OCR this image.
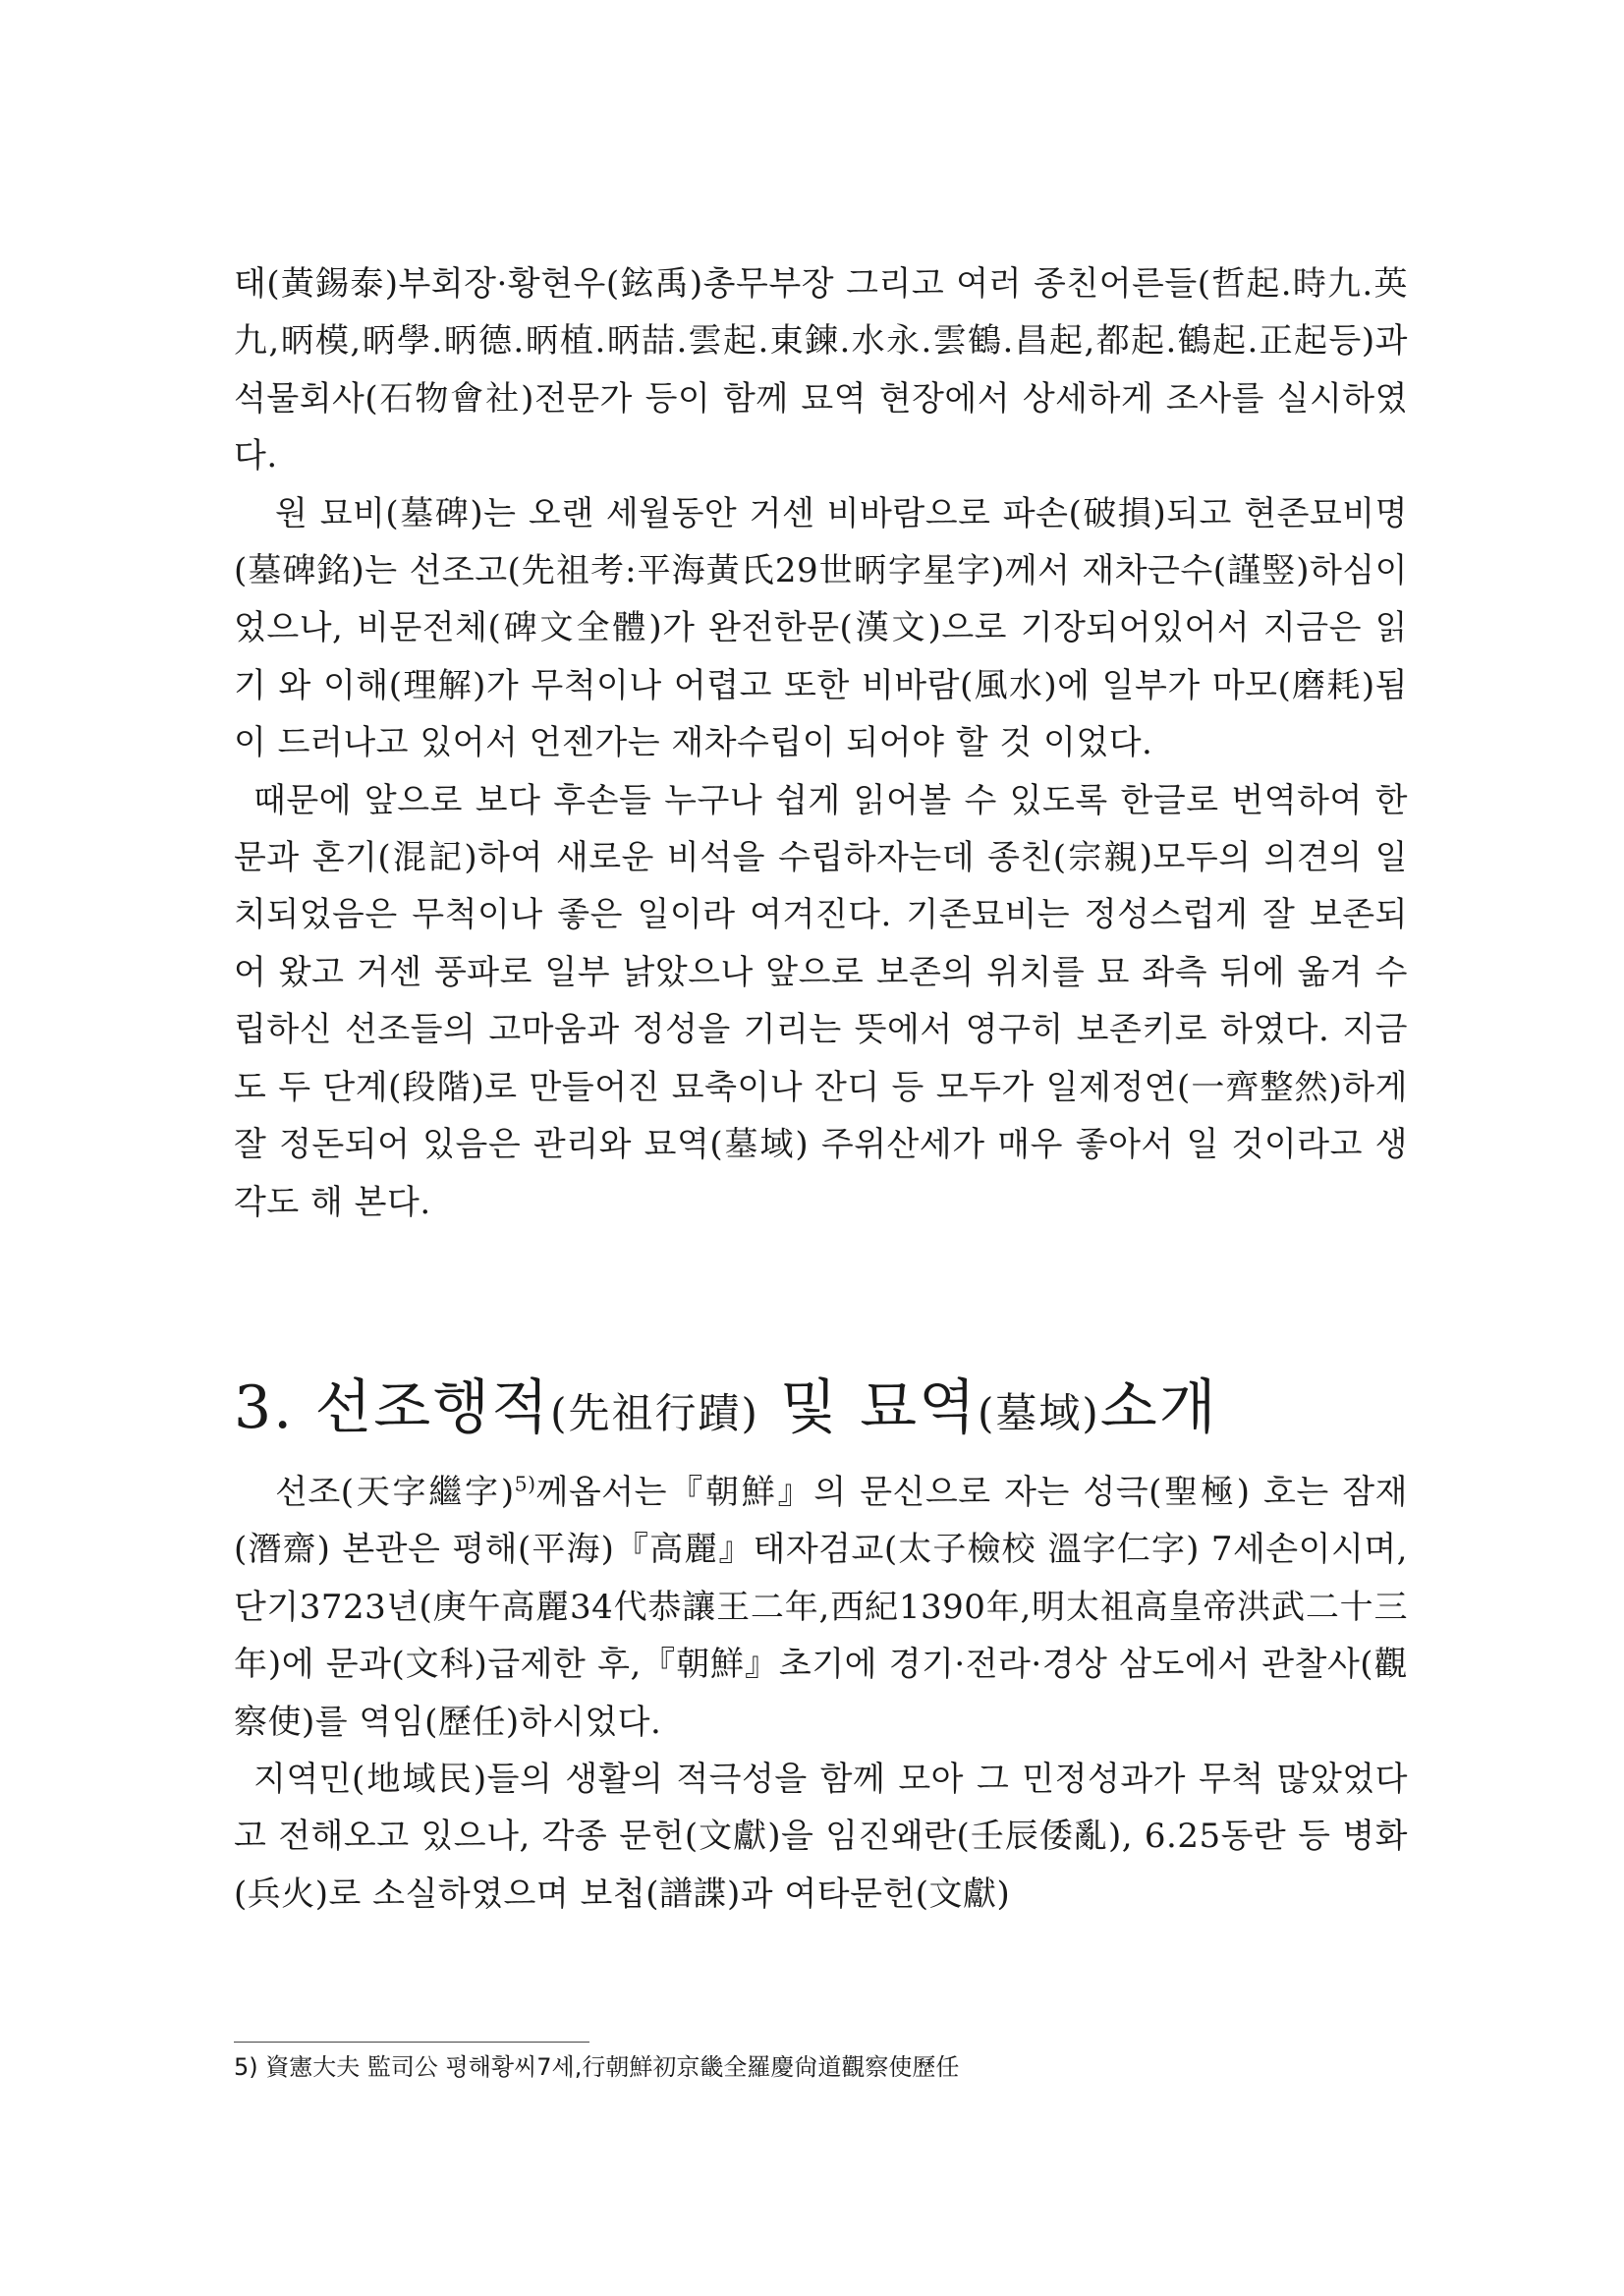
태(黃錫泰)부회장·황현우(鉉禹)총무부장 그리고 여러 종친어른들(哲起.時九.英九,昞模,昞學.昞德.昞植.昞喆.雲起.東鍊.水永.雲鶴.昌起,都起.鶴起.正起등)과 석물회사(石物會社)전문가 등이 함께 묘역 현장에서 상세하게 조사를 실시하였다.

원 묘비(墓碑)는 오랜 세월동안 거센 비바람으로 파손(破損)되고 현존묘비명(墓碑銘)는 선조고(先祖考:平海黃氏29世昞字星字)께서 재차근수(謹竪)하심이었으나, 비문전체(碑文全體)가 완전한문(漢文)으로 기장되어있어서 지금은 읽기 와 이해(理解)가 무척이나 어렵고 또한 비바람(風水)에 일부가 마모(磨耗)됨이 드러나고 있어서 언젠가는 재차수립이 되어야 할 것 이었다.

때문에 앞으로 보다 후손들 누구나 쉽게 읽어볼 수 있도록 한글로 번역하여 한문과 혼기(混記)하여 새로운 비석을 수립하자는데 종친(宗親)모두의 의견의 일치되었음은 무척이나 좋은 일이라 여겨진다. 기존묘비는 정성스럽게 잘 보존되어 왔고 거센 풍파로 일부 낡았으나 앞으로 보존의 위치를 묘 좌측 뒤에 옮겨 수립하신 선조들의 고마움과 정성을 기리는 뜻에서 영구히 보존키로 하였다. 지금도 두 단계(段階)로 만들어진 묘축이나 잔디 등 모두가 일제정연(一齊整然)하게 잘 정돈되어 있음은 관리와 묘역(墓域) 주위산세가 매우 좋아서 일 것이라고 생각도 해 본다.

3. 선조행적(先祖行蹟) 및 묘역(墓域)소개

선조(天字繼字)$^{5)}$께옵서는『朝鮮』의 문신으로 자는 성극(聖極) 호는 잠재(潛齋) 본관은 평해(平海)『高麗』태자검교(太子檢校 溫字仁字) 7세손이시며, 단기3723년(庚午高麗34代恭讓王二年,西紀1390年,明太祖高皇帝洪武二十三年)에 문과(文科)급제한 후,『朝鮮』초기에 경기·전라·경상 삼도에서 관찰사(觀察使)를 역임(歷任)하시었다.

지역민(地域民)들의 생활의 적극성을 함께 모아 그 민정성과가 무척 많았었다고 전해오고 있으나, 각종 문헌(文獻)을 임진왜란(壬辰倭亂), 6.25동란 등 병화(兵火)로 소실하였으며 보첩(譜諜)과 여타문헌(文獻)

5) 資憲大夫 監司公 평해황씨7세,行朝鮮初京畿全羅慶尙道觀察使歷任
